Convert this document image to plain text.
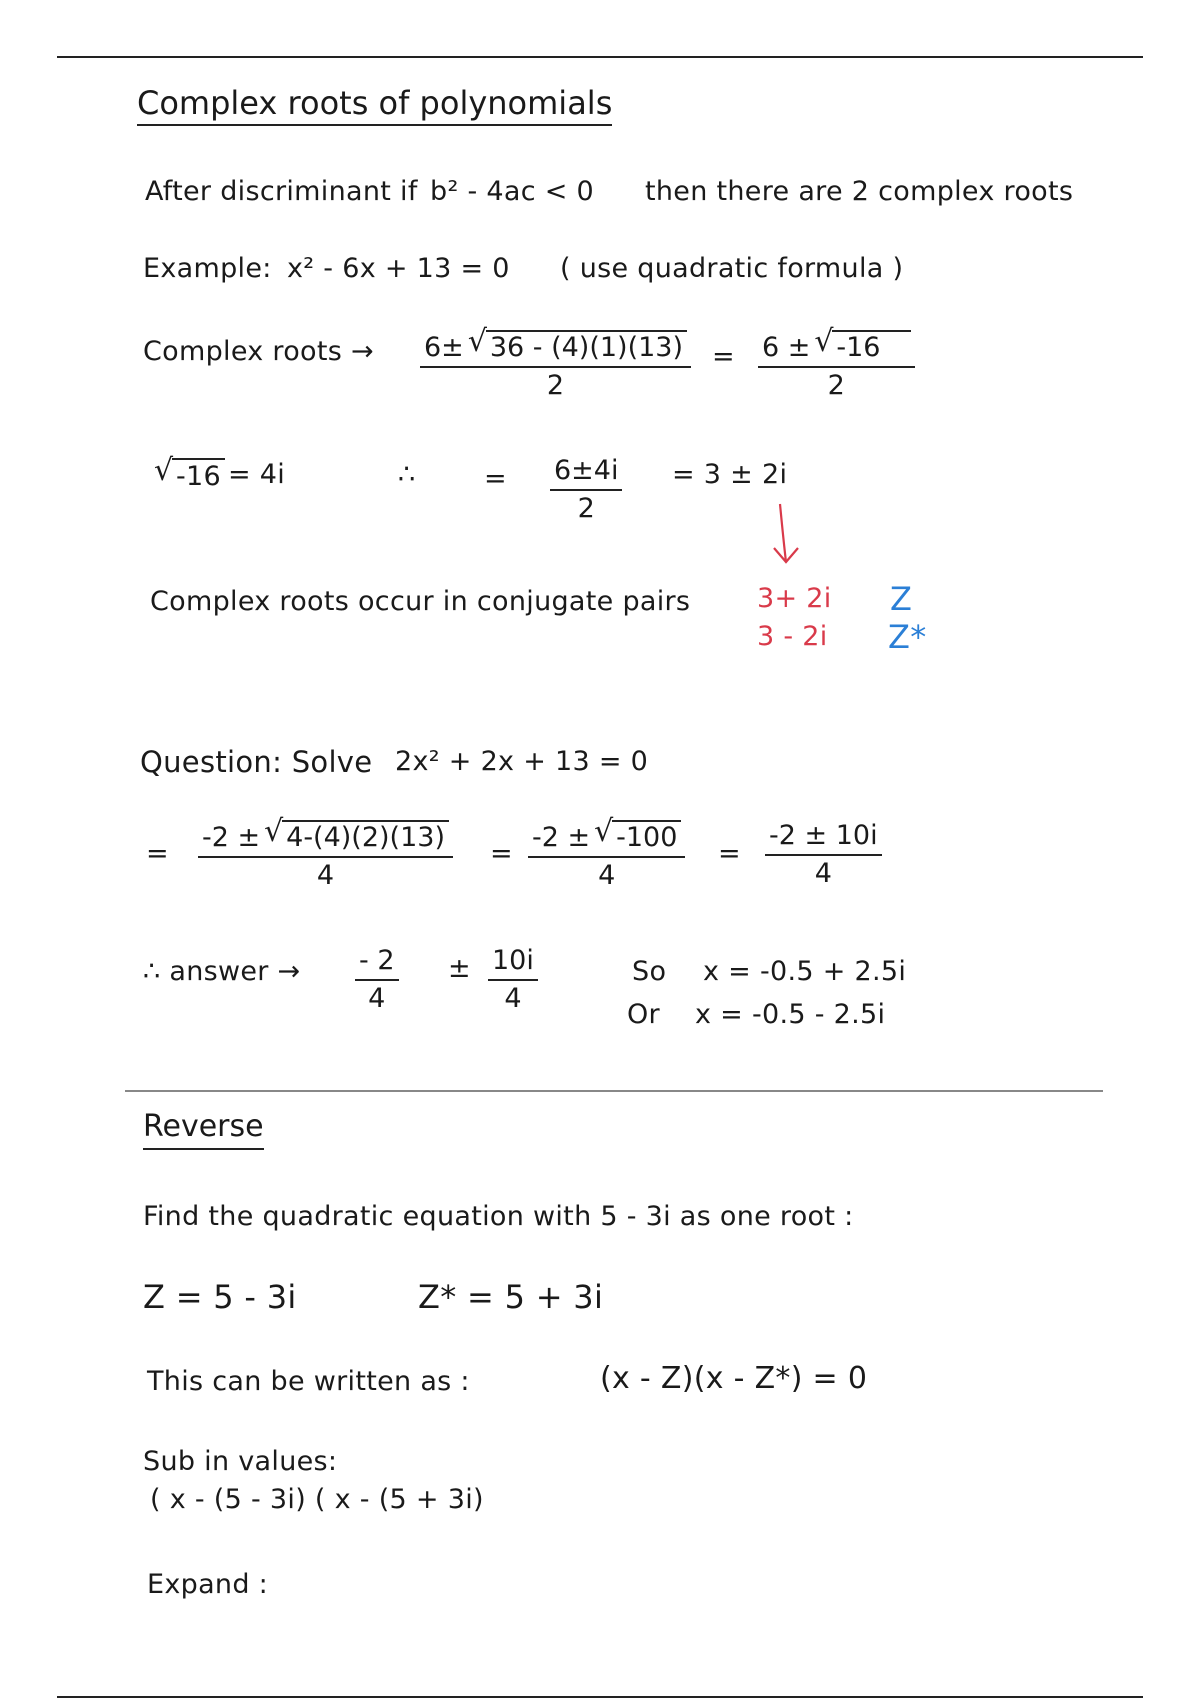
Complex roots of polynomials
After discriminant if b² - 4ac < 0 then there are 2 complex roots
Example: x² - 6x + 13 = 0 ( use quadratic formula )
Complex roots → 6±
√ 36 - (4)(1)(13)
2 = 6 ±
√ -16
2
√ -16 = 4i	∴	= $\frac{6\pm 4i}{2} = 3 \pm 2i$
Complex roots occur in conjugate pairs 3+ 2i
3 - 2i
Z
Z*
Question: Solve 2x² + 2x + 13 = 0
= -2 ±
√ 4-(4)(2)(13)
4 = -2 ±
√ -100
$4 = \frac{-2 \pm 10i}{4}$
∴ answer → $\frac{- 2}{4} \pm \frac{10i}{4}$	So
Or
x = -0.5 + 2.5i
x = -0.5 - 2.5i
Reverse
Find the quadratic equation with 5 - 3i as one root :
Z = 5 - 3i	Z* = 5 + 3i
This can be written as :	(x - Z)(x - Z*) = 0
Sub in values:
( x - (5 - 3i) ( x - (5 + 3i)
Expand :
